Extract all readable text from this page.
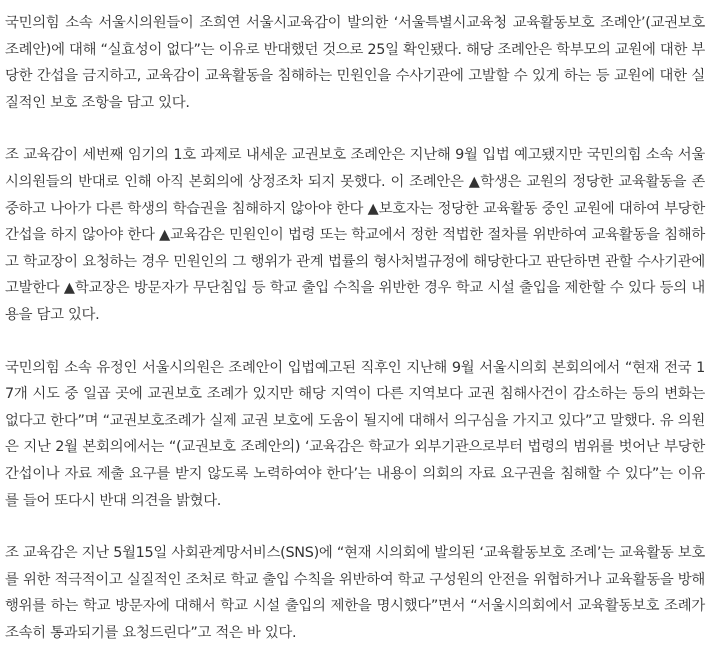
국민의힘 소속 서울시의원들이 조희연 서울시교육감이 발의한 ‘서울특별시교육청 교육활동보호 조례안’(교권보호 조례안)에 대해 “실효성이 없다”는 이유로 반대했던 것으로 25일 확인됐다. 해당 조례안은 학부모의 교원에 대한 부당한 간섭을 금지하고, 교육감이 교육활동을 침해하는 민원인을 수사기관에 고발할 수 있게 하는 등 교원에 대한 실질적인 보호 조항을 담고 있다.

조 교육감이 세번째 임기의 1호 과제로 내세운 교권보호 조례안은 지난해 9월 입법 예고됐지만 국민의힘 소속 서울시의원들의 반대로 인해 아직 본회의에 상정조차 되지 못했다. 이 조례안은 ▲학생은 교원의 정당한 교육활동을 존중하고 나아가 다른 학생의 학습권을 침해하지 않아야 한다 ▲보호자는 정당한 교육활동 중인 교원에 대하여 부당한 간섭을 하지 않아야 한다 ▲교육감은 민원인이 법령 또는 학교에서 정한 적법한 절차를 위반하여 교육활동을 침해하고 학교장이 요청하는 경우 민원인의 그 행위가 관계 법률의 형사처벌규정에 해당한다고 판단하면 관할 수사기관에 고발한다 ▲학교장은 방문자가 무단침입 등 학교 출입 수칙을 위반한 경우 학교 시설 출입을 제한할 수 있다 등의 내용을 담고 있다.

국민의힘 소속 유정인 서울시의원은 조례안이 입법예고된 직후인 지난해 9월 서울시의회 본회의에서 “현재 전국 17개 시도 중 일곱 곳에 교권보호 조례가 있지만 해당 지역이 다른 지역보다 교권 침해사건이 감소하는 등의 변화는 없다고 한다”며 “교권보호조례가 실제 교권 보호에 도움이 될지에 대해서 의구심을 가지고 있다”고 말했다. 유 의원은 지난 2월 본회의에서는 “(교권보호 조례안의) ‘교육감은 학교가 외부기관으로부터 법령의 범위를 벗어난 부당한 간섭이나 자료 제출 요구를 받지 않도록 노력하여야 한다’는 내용이 의회의 자료 요구권을 침해할 수 있다”는 이유를 들어 또다시 반대 의견을 밝혔다.

조 교육감은 지난 5월15일 사회관계망서비스(SNS)에 “현재 시의회에 발의된 ‘교육활동보호 조례’는 교육활동 보호를 위한 적극적이고 실질적인 조처로 학교 출입 수칙을 위반하여 학교 구성원의 안전을 위협하거나 교육활동을 방해 행위를 하는 학교 방문자에 대해서 학교 시설 출입의 제한을 명시했다”면서 “서울시의회에서 교육활동보호 조례가 조속히 통과되기를 요청드린다”고 적은 바 있다.
